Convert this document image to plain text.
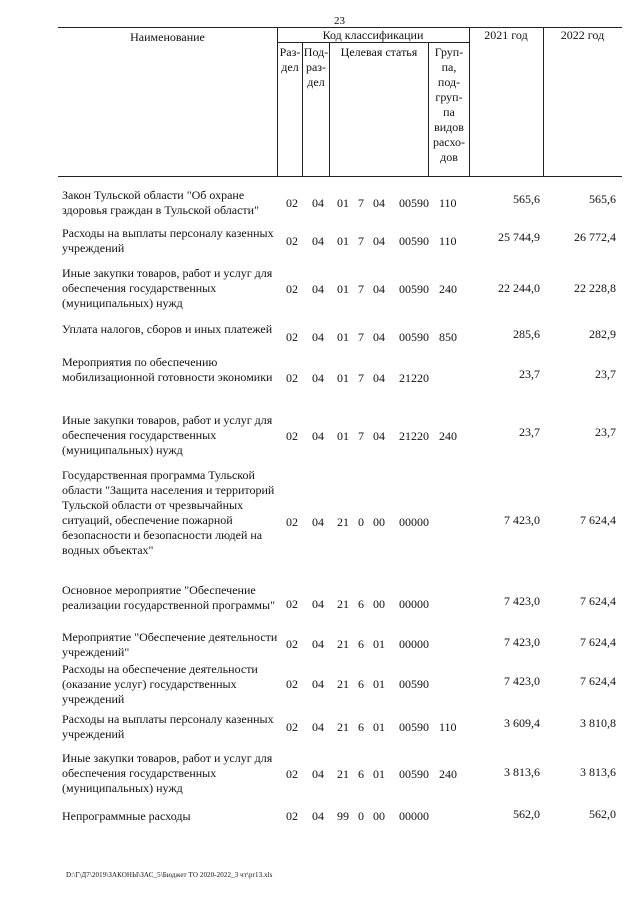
23
Наименование	Код классификации	2021 год	2022 год
Раз-
дел
Под-
раз-
дел
Целевая статья	Груп-
па,
под-
груп-
па
видов
расхо-
дов
Закон Тульской области "Об охране здоровья граждан в Тульской области"	02 04 01 7 04 00590 110	565,6	565,6
Расходы на выплаты персоналу казенных учреждений	02 04 01 7 04 00590 110	25 744,9	26 772,4
Иные закупки товаров, работ и услуг для обеспечения государственных (муниципальных) нужд
02 04 01 7 04 00590 240	22 244,0	22 228,8
Уплата налогов, сборов и иных платежей
02 04 01 7 04 00590 850	285,6	282,9
Мероприятия по обеспечению мобилизационной готовности экономики	02 04 01 7 04 21220	23,7	23,7
Иные закупки товаров, работ и услуг для обеспечения государственных (муниципальных) нужд
02 04 01 7 04 21220 240	23,7	23,7
Государственная программа Тульской области "Защита населения и территорий Тульской области от чрезвычайных ситуаций, обеспечение пожарной безопасности и безопасности людей на водных объектах"
02 04 21 0 00 00000	7 423,0	7 624,4
Основное мероприятие "Обеспечение реализации государственной программы" 02 04 21 6 00 00000	7 423,0	7 624,4
Мероприятие "Обеспечение деятельности учреждений"
02 04 21 6 01 00000	7 423,0	7 624,4
Расходы на обеспечение деятельности (оказание услуг) государственных учреждений
02 04 21 6 01 00590	7 423,0	7 624,4
Расходы на выплаты персоналу казенных учреждений	02 04 21 6 01 00590 110	3 609,4	3 810,8
Иные закупки товаров, работ и услуг для обеспечения государственных (муниципальных) нужд
02 04 21 6 01 00590 240	3 813,6	3 813,6
Непрограммные расходы	02 04 99 0 00 00000	562,0	562,0
D:\Г\Д7\2019\ЗАКОНЫ\ЗАС_5\Бюджет ТО 2020-2022_3 чт\pr13.xls
